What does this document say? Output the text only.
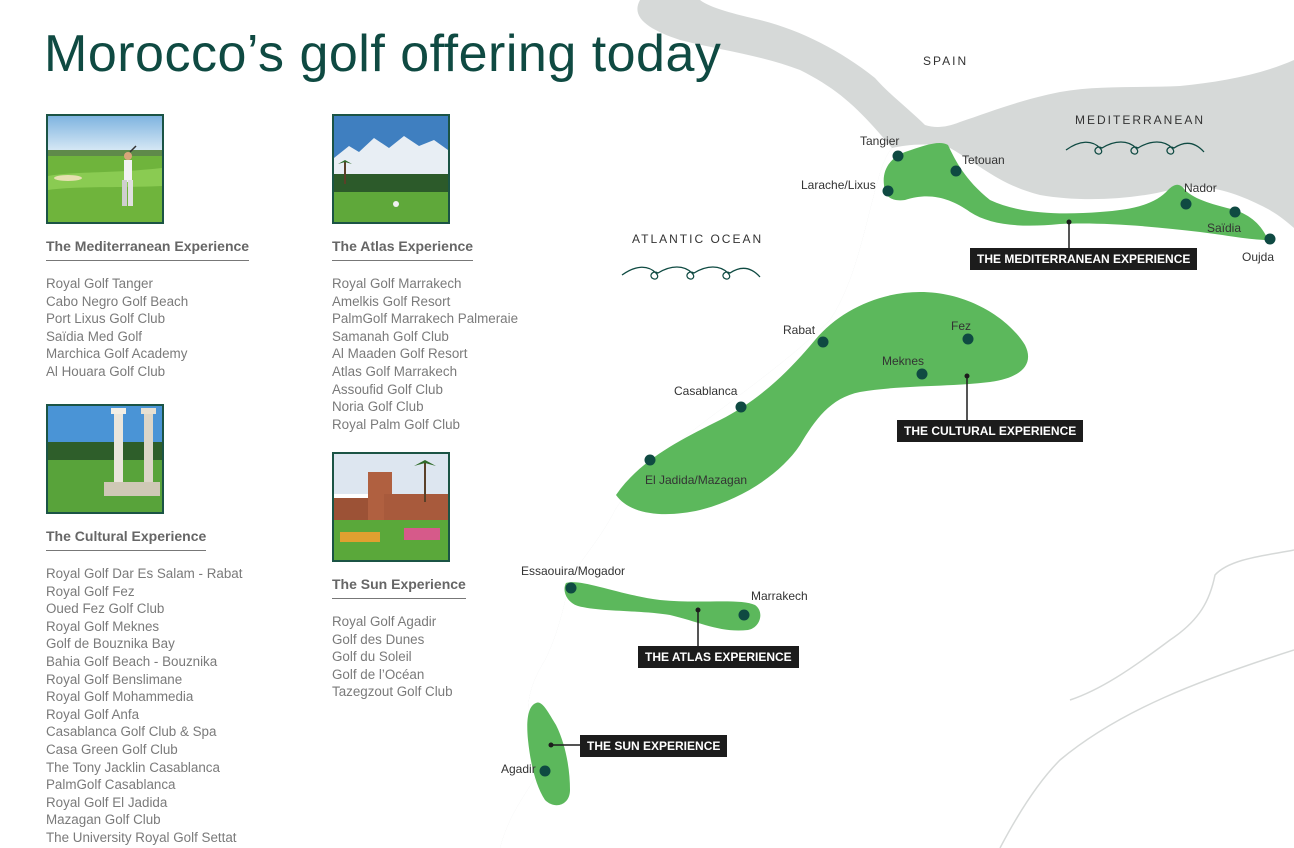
SPAIN
MEDITERRANEAN
ATLANTIC OCEAN
Tangier
Tetouan
Larache/Lixus	Nador
Saïdia
Oujda
Rabat	Fez
Meknes
Casablanca
El Jadida/Mazagan
Essaouira/Mogador
Marrakech
Agadir
THE MEDITERRANEAN EXPERIENCE
THE CULTURAL EXPERIENCE
THE ATLAS EXPERIENCE
THE SUN EXPERIENCE
Morocco’s golf offering today
The Mediterranean Experience
Royal Golf Tanger
Cabo Negro Golf Beach
Port Lixus Golf Club
Saïdia Med Golf
Marchica Golf Academy
Al Houara Golf Club
The Atlas Experience
Royal Golf Marrakech
Amelkis Golf Resort
PalmGolf Marrakech Palmeraie
Samanah Golf Club
Al Maaden Golf Resort
Atlas Golf Marrakech
Assoufid Golf Club
Noria Golf Club
Royal Palm Golf Club
The Cultural Experience
Royal Golf Dar Es Salam - Rabat
Royal Golf Fez
Oued Fez Golf Club
Royal Golf Meknes
Golf de Bouznika Bay
Bahia Golf Beach - Bouznika
Royal Golf Benslimane
Royal Golf Mohammedia
Royal Golf Anfa
Casablanca Golf Club & Spa
Casa Green Golf Club
The Tony Jacklin Casablanca
PalmGolf Casablanca
Royal Golf El Jadida
Mazagan Golf Club
The University Royal Golf Settat
The Sun Experience
Royal Golf Agadir
Golf des Dunes
Golf du Soleil
Golf de l’Océan
Tazegzout Golf Club
